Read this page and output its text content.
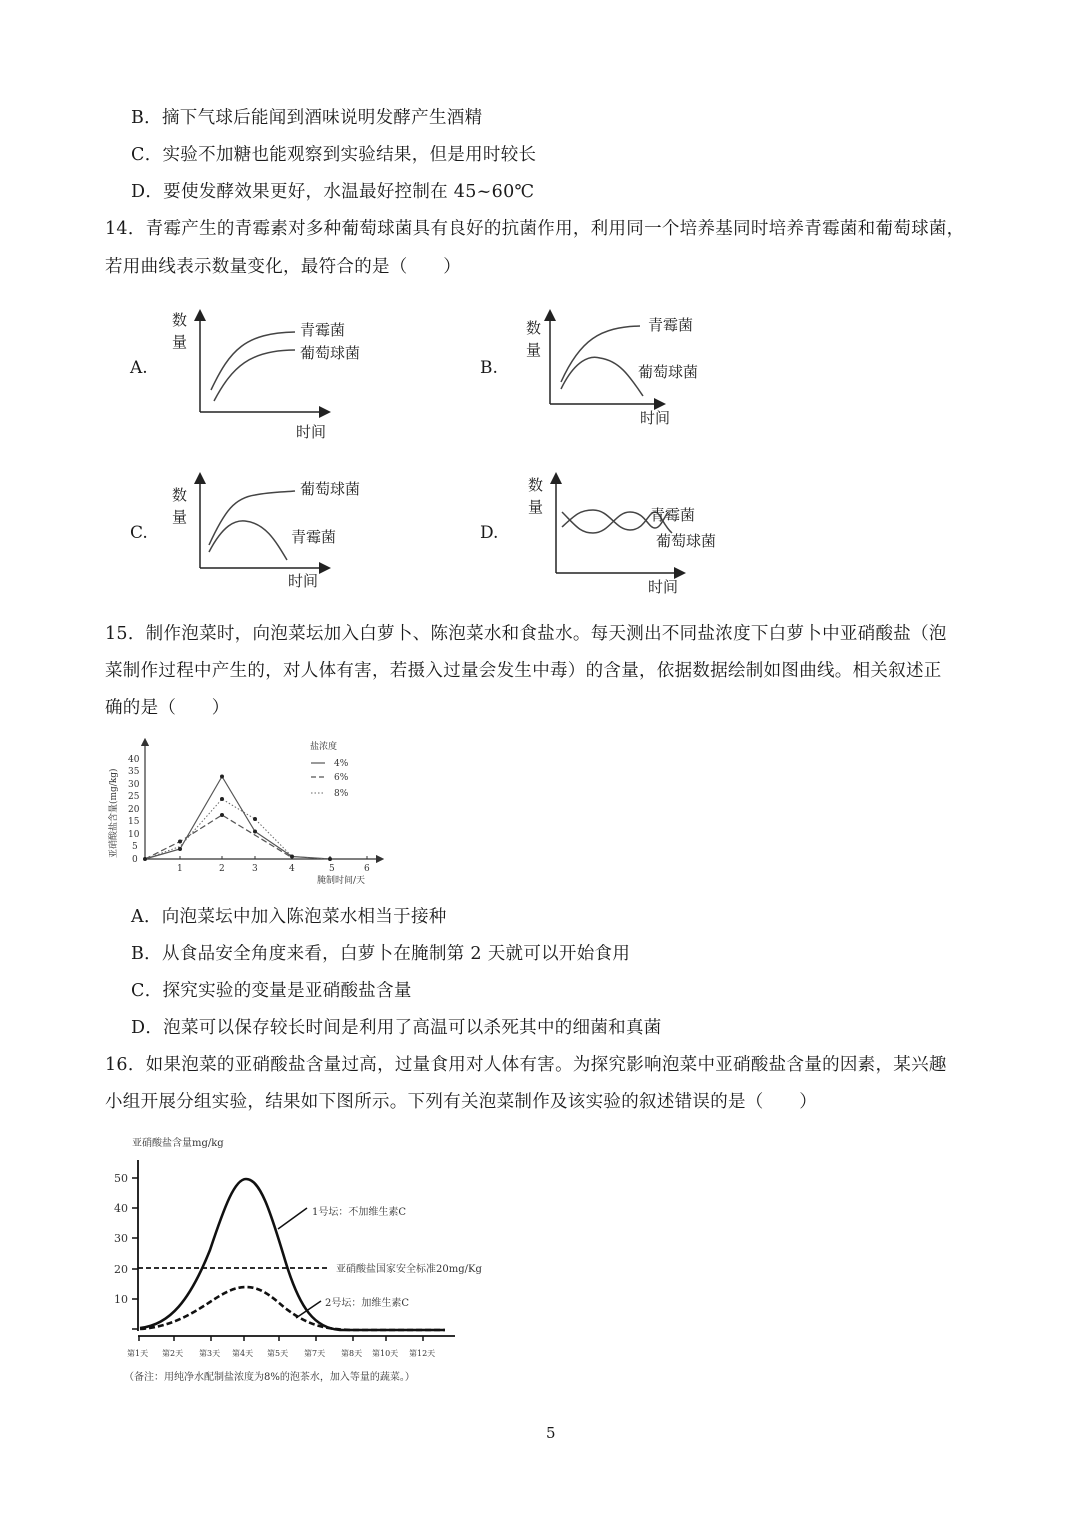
B．摘下气球后能闻到酒味说明发酵产生酒精
C．实验不加糖也能观察到实验结果，但是用时较长
D．要使发酵效果更好，水温最好控制在 45~60℃
14．青霉产生的青霉素对多种葡萄球菌具有良好的抗菌作用，利用同一个培养基同时培养青霉菌和葡萄球菌，
若用曲线表示数量变化，最符合的是（　　）
A.
数
量
青霉菌
葡萄球菌
时间
B.
数
量
青霉菌
葡萄球菌
时间
C.
数
量
葡萄球菌
青霉菌
时间
D.
数
量	青霉菌
葡萄球菌
时间
15．制作泡菜时，向泡菜坛加入白萝卜、陈泡菜水和食盐水。每天测出不同盐浓度下白萝卜中亚硝酸盐（泡
菜制作过程中产生的，对人体有害，若摄入过量会发生中毒）的含量，依据数据绘制如图曲线。相关叙述正
确的是（　　）
0
5
10
15
20
25
30
35
40
1	2	3	4	5	6
腌制时间/天
亚硝酸盐含量(mg/kg)
盐浓度
4%
6%
8%
A．向泡菜坛中加入陈泡菜水相当于接种
B．从食品安全角度来看，白萝卜在腌制第 2 天就可以开始食用
C．探究实验的变量是亚硝酸盐含量
D．泡菜可以保存较长时间是利用了高温可以杀死其中的细菌和真菌
16．如果泡菜的亚硝酸盐含量过高，过量食用对人体有害。为探究影响泡菜中亚硝酸盐含量的因素，某兴趣
小组开展分组实验，结果如下图所示。下列有关泡菜制作及该实验的叙述错误的是（　　）
亚硝酸盐含量mg/kg
50
40
30
20
10
第1天 第2天 第3天 第4天 第5天 第7天 第8天 第10天 第12天
亚硝酸盐国家安全标准20mg/Kg
1号坛：不加维生素C
2号坛：加维生素C
（备注：用纯净水配制盐浓度为8%的泡茶水，加入等量的蔬菜。）
5
